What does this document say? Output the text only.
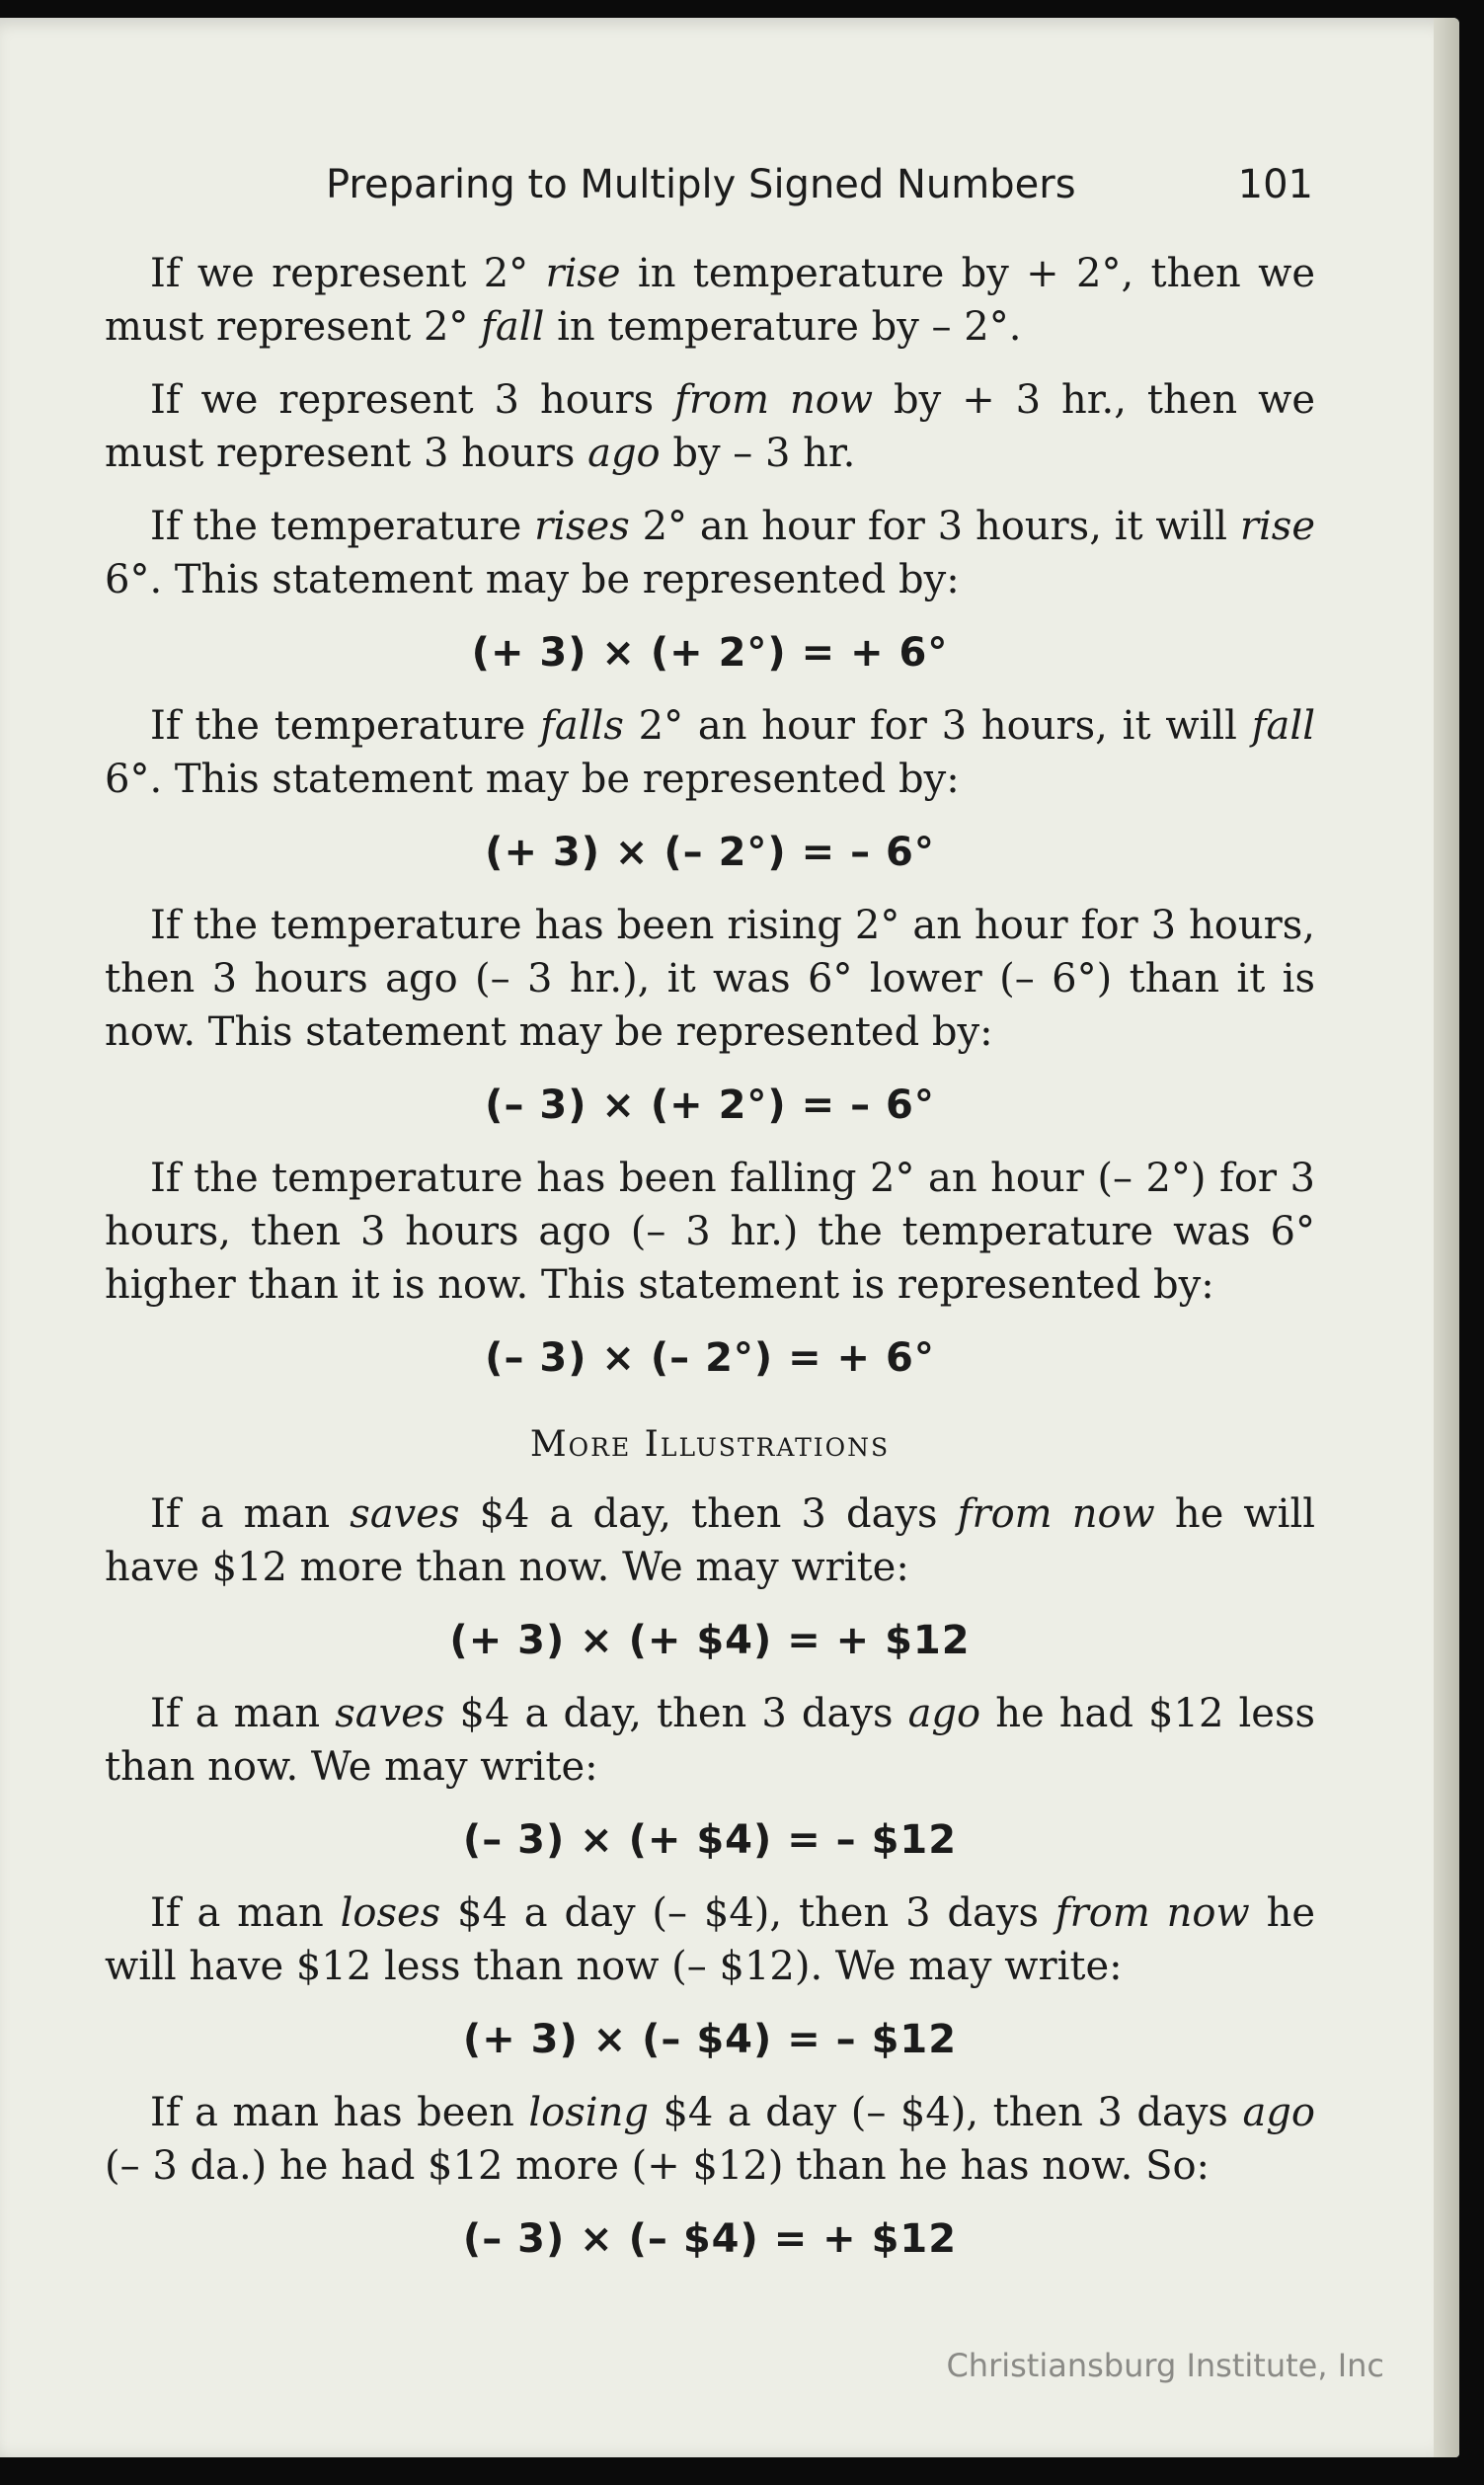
Preparing to Multiply Signed Numbers	101

If we represent 2° rise in temperature by + 2°, then we must represent 2° fall in temperature by – 2°.

If we represent 3 hours from now by + 3 hr., then we must represent 3 hours ago by – 3 hr.

If the temperature rises 2° an hour for 3 hours, it will rise 6°. This statement may be represented by:

(+ 3) × (+ 2°) = + 6°

If the temperature falls 2° an hour for 3 hours, it will fall 6°. This statement may be represented by:

(+ 3) × (– 2°) = – 6°

If the temperature has been rising 2° an hour for 3 hours, then 3 hours ago (– 3 hr.), it was 6° lower (– 6°) than it is now. This statement may be represented by:

(– 3) × (+ 2°) = – 6°

If the temperature has been falling 2° an hour (– 2°) for 3 hours, then 3 hours ago (– 3 hr.) the temperature was 6° higher than it is now. This statement is represented by:

(– 3) × (– 2°) = + 6°
More Illustrations

If a man saves $4 a day, then 3 days from now he will have $12 more than now. We may write:

(+ 3) × (+ $4) = + $12

If a man saves $4 a day, then 3 days ago he had $12 less than now. We may write:

(– 3) × (+ $4) = – $12

If a man loses $4 a day (– $4), then 3 days from now he will have $12 less than now (– $12). We may write:

(+ 3) × (– $4) = – $12

If a man has been losing $4 a day (– $4), then 3 days ago (– 3 da.) he had $12 more (+ $12) than he has now. So:

(– 3) × (– $4) = + $12
Christiansburg Institute, Inc
